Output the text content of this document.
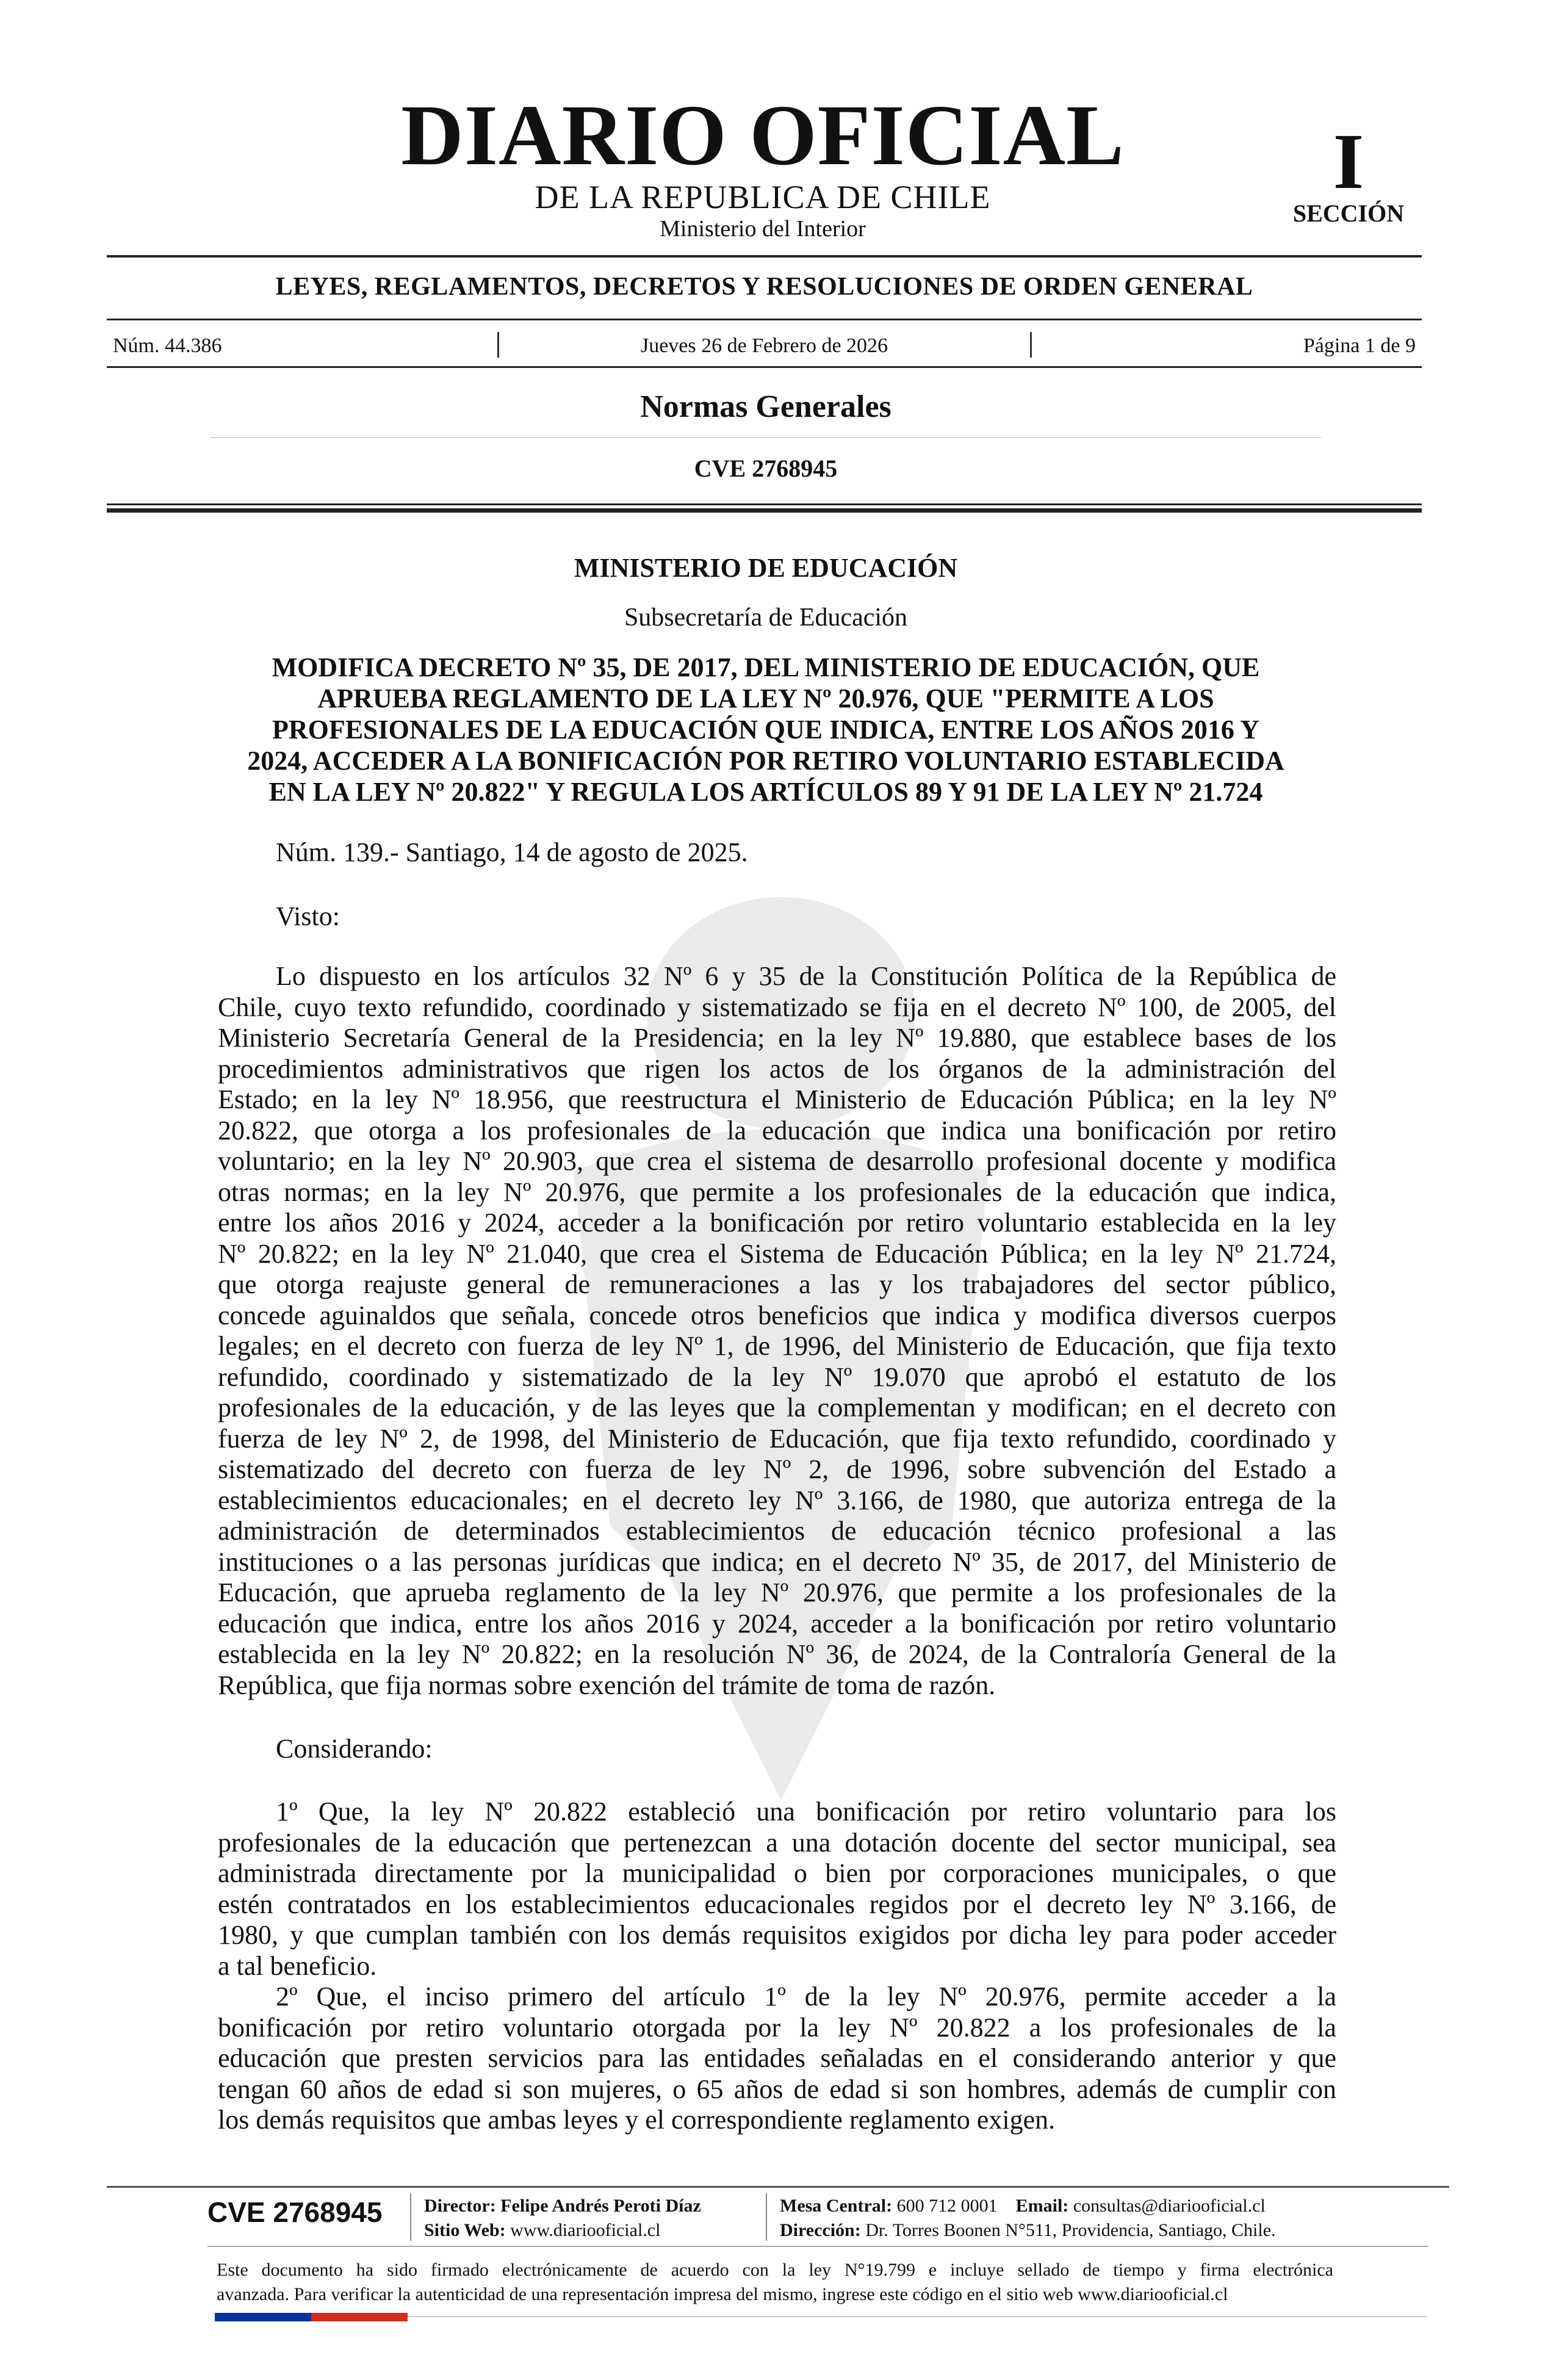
DIARIO OFICIAL
DE LA REPUBLICA DE CHILE
Ministerio del Interior
I
SECCIÓN
LEYES, REGLAMENTOS, DECRETOS Y RESOLUCIONES DE ORDEN GENERAL
Núm. 44.386	Jueves 26 de Febrero de 2026	Página 1 de 9
Normas Generales
CVE 2768945
MINISTERIO DE EDUCACIÓN
Subsecretaría de Educación
MODIFICA DECRETO Nº 35, DE 2017, DEL MINISTERIO DE EDUCACIÓN, QUE
APRUEBA REGLAMENTO DE LA LEY Nº 20.976, QUE "PERMITE A LOS
PROFESIONALES DE LA EDUCACIÓN QUE INDICA, ENTRE LOS AÑOS 2016 Y
2024, ACCEDER A LA BONIFICACIÓN POR RETIRO VOLUNTARIO ESTABLECIDA
EN LA LEY Nº 20.822" Y REGULA LOS ARTÍCULOS 89 Y 91 DE LA LEY Nº 21.724
Núm. 139.- Santiago, 14 de agosto de 2025.
Visto:
Lo dispuesto en los artículos 32 Nº 6 y 35 de la Constitución Política de la República de
Chile, cuyo texto refundido, coordinado y sistematizado se fija en el decreto Nº 100, de 2005, del
Ministerio Secretaría General de la Presidencia; en la ley Nº 19.880, que establece bases de los
procedimientos administrativos que rigen los actos de los órganos de la administración del
Estado; en la ley Nº 18.956, que reestructura el Ministerio de Educación Pública; en la ley Nº
20.822, que otorga a los profesionales de la educación que indica una bonificación por retiro
voluntario; en la ley Nº 20.903, que crea el sistema de desarrollo profesional docente y modifica
otras normas; en la ley Nº 20.976, que permite a los profesionales de la educación que indica,
entre los años 2016 y 2024, acceder a la bonificación por retiro voluntario establecida en la ley
Nº 20.822; en la ley Nº 21.040, que crea el Sistema de Educación Pública; en la ley Nº 21.724,
que otorga reajuste general de remuneraciones a las y los trabajadores del sector público,
concede aguinaldos que señala, concede otros beneficios que indica y modifica diversos cuerpos
legales; en el decreto con fuerza de ley Nº 1, de 1996, del Ministerio de Educación, que fija texto
refundido, coordinado y sistematizado de la ley Nº 19.070 que aprobó el estatuto de los
profesionales de la educación, y de las leyes que la complementan y modifican; en el decreto con
fuerza de ley Nº 2, de 1998, del Ministerio de Educación, que fija texto refundido, coordinado y
sistematizado del decreto con fuerza de ley Nº 2, de 1996, sobre subvención del Estado a
establecimientos educacionales; en el decreto ley Nº 3.166, de 1980, que autoriza entrega de la
administración de determinados establecimientos de educación técnico profesional a las
instituciones o a las personas jurídicas que indica; en el decreto Nº 35, de 2017, del Ministerio de
Educación, que aprueba reglamento de la ley Nº 20.976, que permite a los profesionales de la
educación que indica, entre los años 2016 y 2024, acceder a la bonificación por retiro voluntario
establecida en la ley Nº 20.822; en la resolución Nº 36, de 2024, de la Contraloría General de la
República, que fija normas sobre exención del trámite de toma de razón.
Considerando:
1º Que, la ley Nº 20.822 estableció una bonificación por retiro voluntario para los
profesionales de la educación que pertenezcan a una dotación docente del sector municipal, sea
administrada directamente por la municipalidad o bien por corporaciones municipales, o que
estén contratados en los establecimientos educacionales regidos por el decreto ley Nº 3.166, de
1980, y que cumplan también con los demás requisitos exigidos por dicha ley para poder acceder
a tal beneficio.
2º Que, el inciso primero del artículo 1º de la ley Nº 20.976, permite acceder a la
bonificación por retiro voluntario otorgada por la ley Nº 20.822 a los profesionales de la
educación que presten servicios para las entidades señaladas en el considerando anterior y que
tengan 60 años de edad si son mujeres, o 65 años de edad si son hombres, además de cumplir con
los demás requisitos que ambas leyes y el correspondiente reglamento exigen.
CVE 2768945 Director: Felipe Andrés Peroti Díaz
Sitio Web: www.diariooficial.cl
Mesa Central: 600 712 0001 Email: consultas@diariooficial.cl
Dirección: Dr. Torres Boonen N°511, Providencia, Santiago, Chile.
Este documento ha sido firmado electrónicamente de acuerdo con la ley N°19.799 e incluye sellado de tiempo y firma electrónica
avanzada. Para verificar la autenticidad de una representación impresa del mismo, ingrese este código en el sitio web www.diariooficial.cl
